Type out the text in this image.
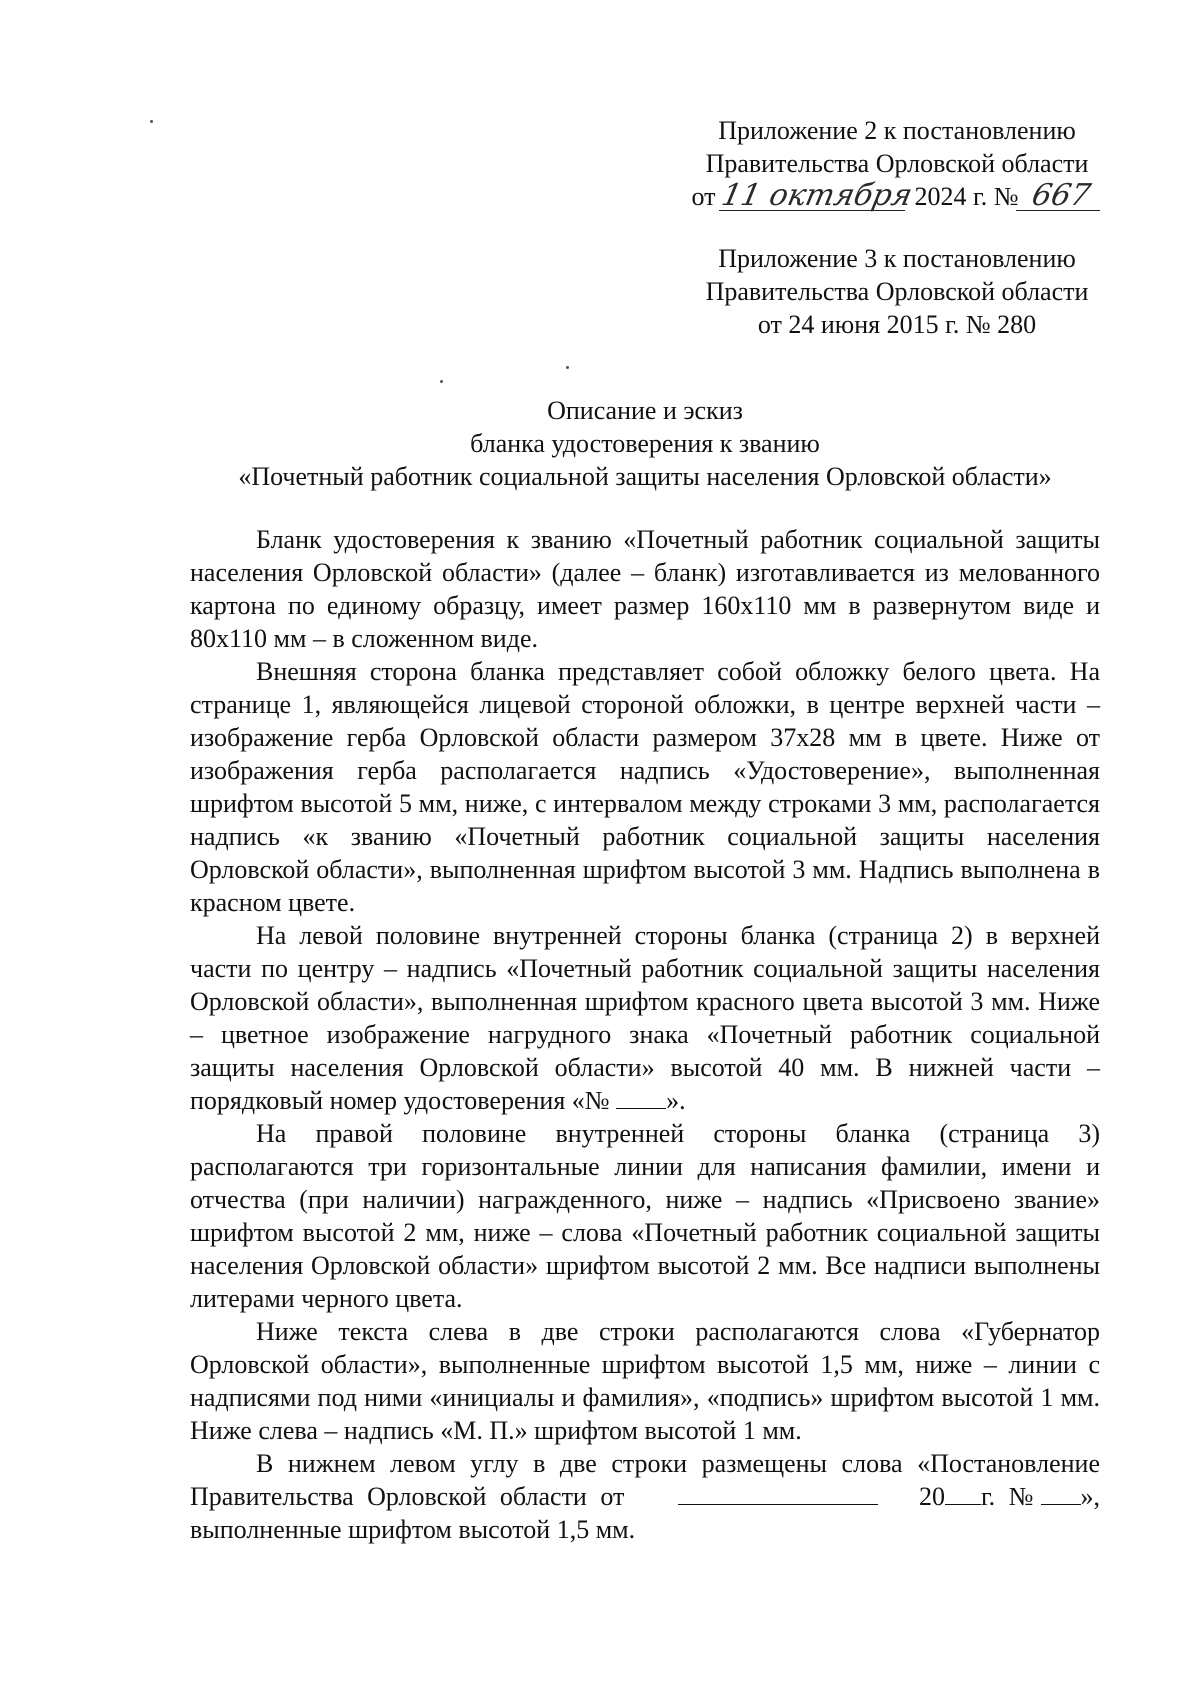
Приложение 2 к постановлению
Правительства Орловской области
от 11 октября 2024 г. № 667
Приложение 3 к постановлению
Правительства Орловской области
от 24 июня 2015 г. № 280
Описание и эскиз
бланка удостоверения к званию
«Почетный работник социальной защиты населения Орловской области»

Бланк удостоверения к званию «Почетный работник социальной защиты населения Орловской области» (далее – бланк) изготавливается из мелованного картона по единому образцу, имеет размер 160х110 мм в развернутом виде и 80х110 мм – в сложенном виде.

Внешняя сторона бланка представляет собой обложку белого цвета. На странице 1, являющейся лицевой стороной обложки, в центре верхней части – изображение герба Орловской области размером 37х28 мм в цвете. Ниже от изображения герба располагается надпись «Удостоверение», выполненная шрифтом высотой 5 мм, ниже, с интервалом между строками 3 мм, располагается надпись «к званию «Почетный работник социальной защиты населения Орловской области», выполненная шрифтом высотой 3 мм. Надпись выполнена в красном цвете.

На левой половине внутренней стороны бланка (страница 2) в верхней части по центру – надпись «Почетный работник социальной защиты населения Орловской области», выполненная шрифтом красного цвета высотой 3 мм. Ниже – цветное изображение нагрудного знака «Почетный работник социальной защиты населения Орловской области» высотой 40 мм. В нижней части – порядковый номер удостоверения «№ ».

На правой половине внутренней стороны бланка (страница 3) располагаются три горизонтальные линии для написания фамилии, имени и отчества (при наличии) награжденного, ниже – надпись «Присвоено звание» шрифтом высотой 2 мм, ниже – слова «Почетный работник социальной защиты населения Орловской области» шрифтом высотой 2 мм. Все надписи выполнены литерами черного цвета.

Ниже текста слева в две строки располагаются слова «Губернатор Орловской области», выполненные шрифтом высотой 1,5 мм, ниже – линии с надписями под ними «инициалы и фамилия», «подпись» шрифтом высотой 1 мм. Ниже слева – надпись «М. П.» шрифтом высотой 1 мм.

В нижнем левом углу в две строки размещены слова «Постановление Правительства Орловской области от	20 г. № », выполненные шрифтом высотой 1,5 мм.
